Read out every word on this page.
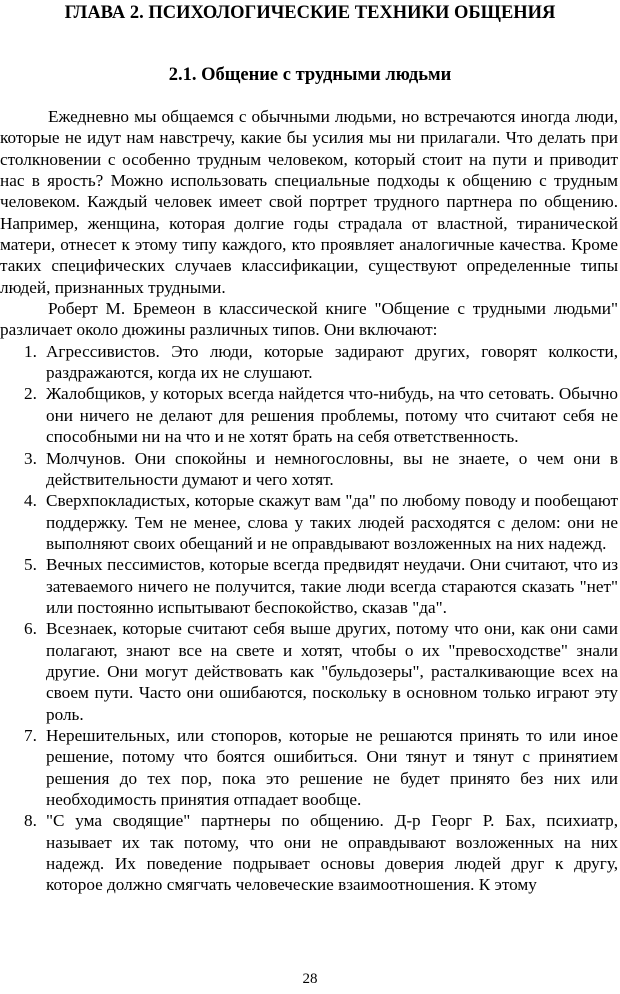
ГЛАВА 2. ПСИХОЛОГИЧЕСКИЕ ТЕХНИКИ ОБЩЕНИЯ
2.1. Общение с трудными людьми

Ежедневно мы общаемся с обычными людьми, но встречаются иногда люди, которые не идут нам навстречу, какие бы усилия мы ни прилагали. Что делать при столкновении с особенно трудным человеком, который стоит на пути и приводит нас в ярость? Можно использовать специальные подходы к общению с трудным человеком. Каждый человек имеет свой портрет трудного партнера по общению. Например, женщина, которая долгие годы страдала от властной, тиранической матери, отнесет к этому типу каждого, кто проявляет аналогичные качества. Кроме таких специфических случаев классификации, существуют определенные типы людей, признанных трудными.

Роберт М. Бремеон в классической книге "Общение с трудными людьми" различает около дюжины различных типов. Они включают:

1. Агрессивистов. Это люди, которые задирают других, говорят колкости, раздражаются, когда их не слушают.
2. Жалобщиков, у которых всегда найдется что-нибудь, на что сетовать. Обычно они ничего не делают для решения проблемы, потому что считают себя не способными ни на что и не хотят брать на себя ответственность.
3. Молчунов. Они спокойны и немногословны, вы не знаете, о чем они в действительности думают и чего хотят.
4. Сверхпокладистых, которые скажут вам "да" по любому поводу и пообещают поддержку. Тем не менее, слова у таких людей расходятся с делом: они не выполняют своих обещаний и не оправдывают возложенных на них надежд.
5. Вечных пессимистов, которые всегда предвидят неудачи. Они считают, что из затеваемого ничего не получится, такие люди всегда стараются сказать "нет" или постоянно испытывают беспокойство, сказав "да".
6. Всезнаек, которые считают себя выше других, потому что они, как они сами полагают, знают все на свете и хотят, чтобы о их "превосходстве" знали другие. Они могут действовать как "бульдозеры", расталкивающие всех на своем пути. Часто они ошибаются, поскольку в основном только играют эту роль.
7. Нерешительных, или стопоров, которые не решаются принять то или иное решение, потому что боятся ошибиться. Они тянут и тянут с принятием решения до тех пор, пока это решение не будет принято без них или необходимость принятия отпадает вообще.
8. "С ума сводящие" партнеры по общению. Д-р Георг Р. Бах, психиатр, называет их так потому, что они не оправдывают возложенных на них надежд. Их поведение подрывает основы доверия людей друг к другу, которое должно смягчать человеческие взаимоотношения. К этому
28
